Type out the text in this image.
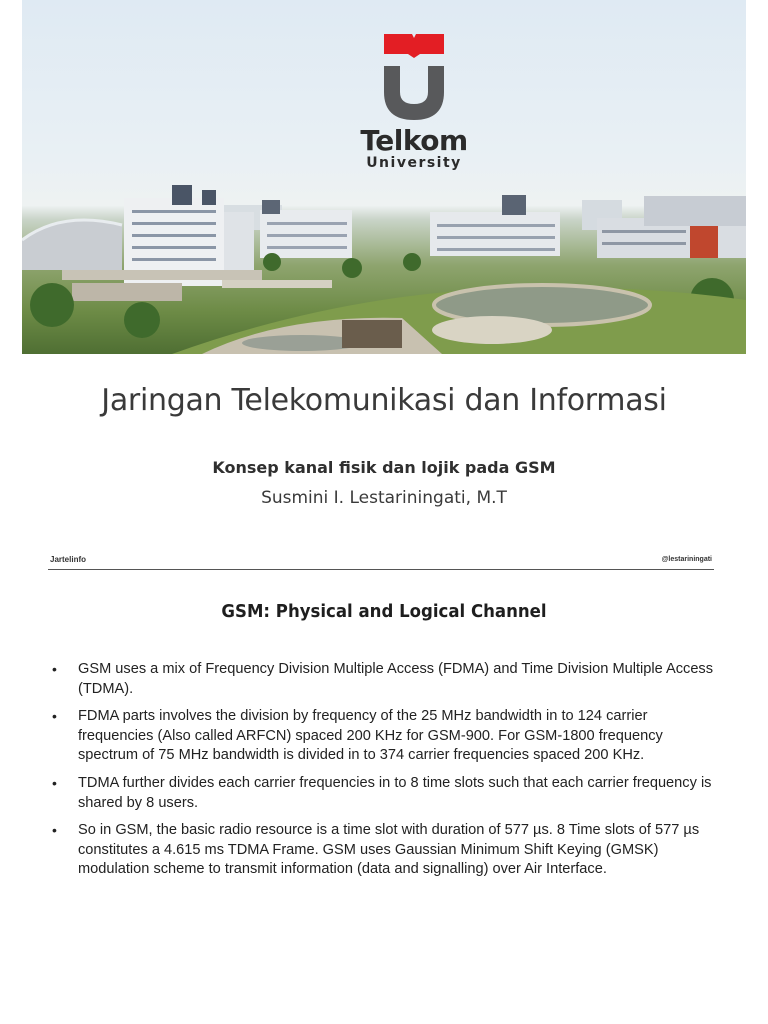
Telkom
University
Jaringan Telekomunikasi dan Informasi
Konsep kanal fisik dan lojik pada GSM
Susmini I. Lestariningati, M.T
Jartelinfo	@lestariningati
GSM: Physical and Logical Channel
• GSM uses a mix of Frequency Division Multiple Access (FDMA) and Time Division Multiple Access (TDMA).
• FDMA parts involves the division by frequency of the 25 MHz bandwidth in to 124 carrier frequencies (Also called ARFCN) spaced 200 KHz for GSM-900. For GSM-1800 frequency spectrum of 75 MHz bandwidth is divided in to 374 carrier frequencies spaced 200 KHz.
• TDMA further divides each carrier frequencies in to 8 time slots such that each carrier frequency is shared by 8 users.
• So in GSM, the basic radio resource is a time slot with duration of 577 µs. 8 Time slots of 577 µs constitutes a 4.615 ms TDMA Frame. GSM uses Gaussian Minimum Shift Keying (GMSK) modulation scheme to transmit information (data and signalling) over Air Interface.
